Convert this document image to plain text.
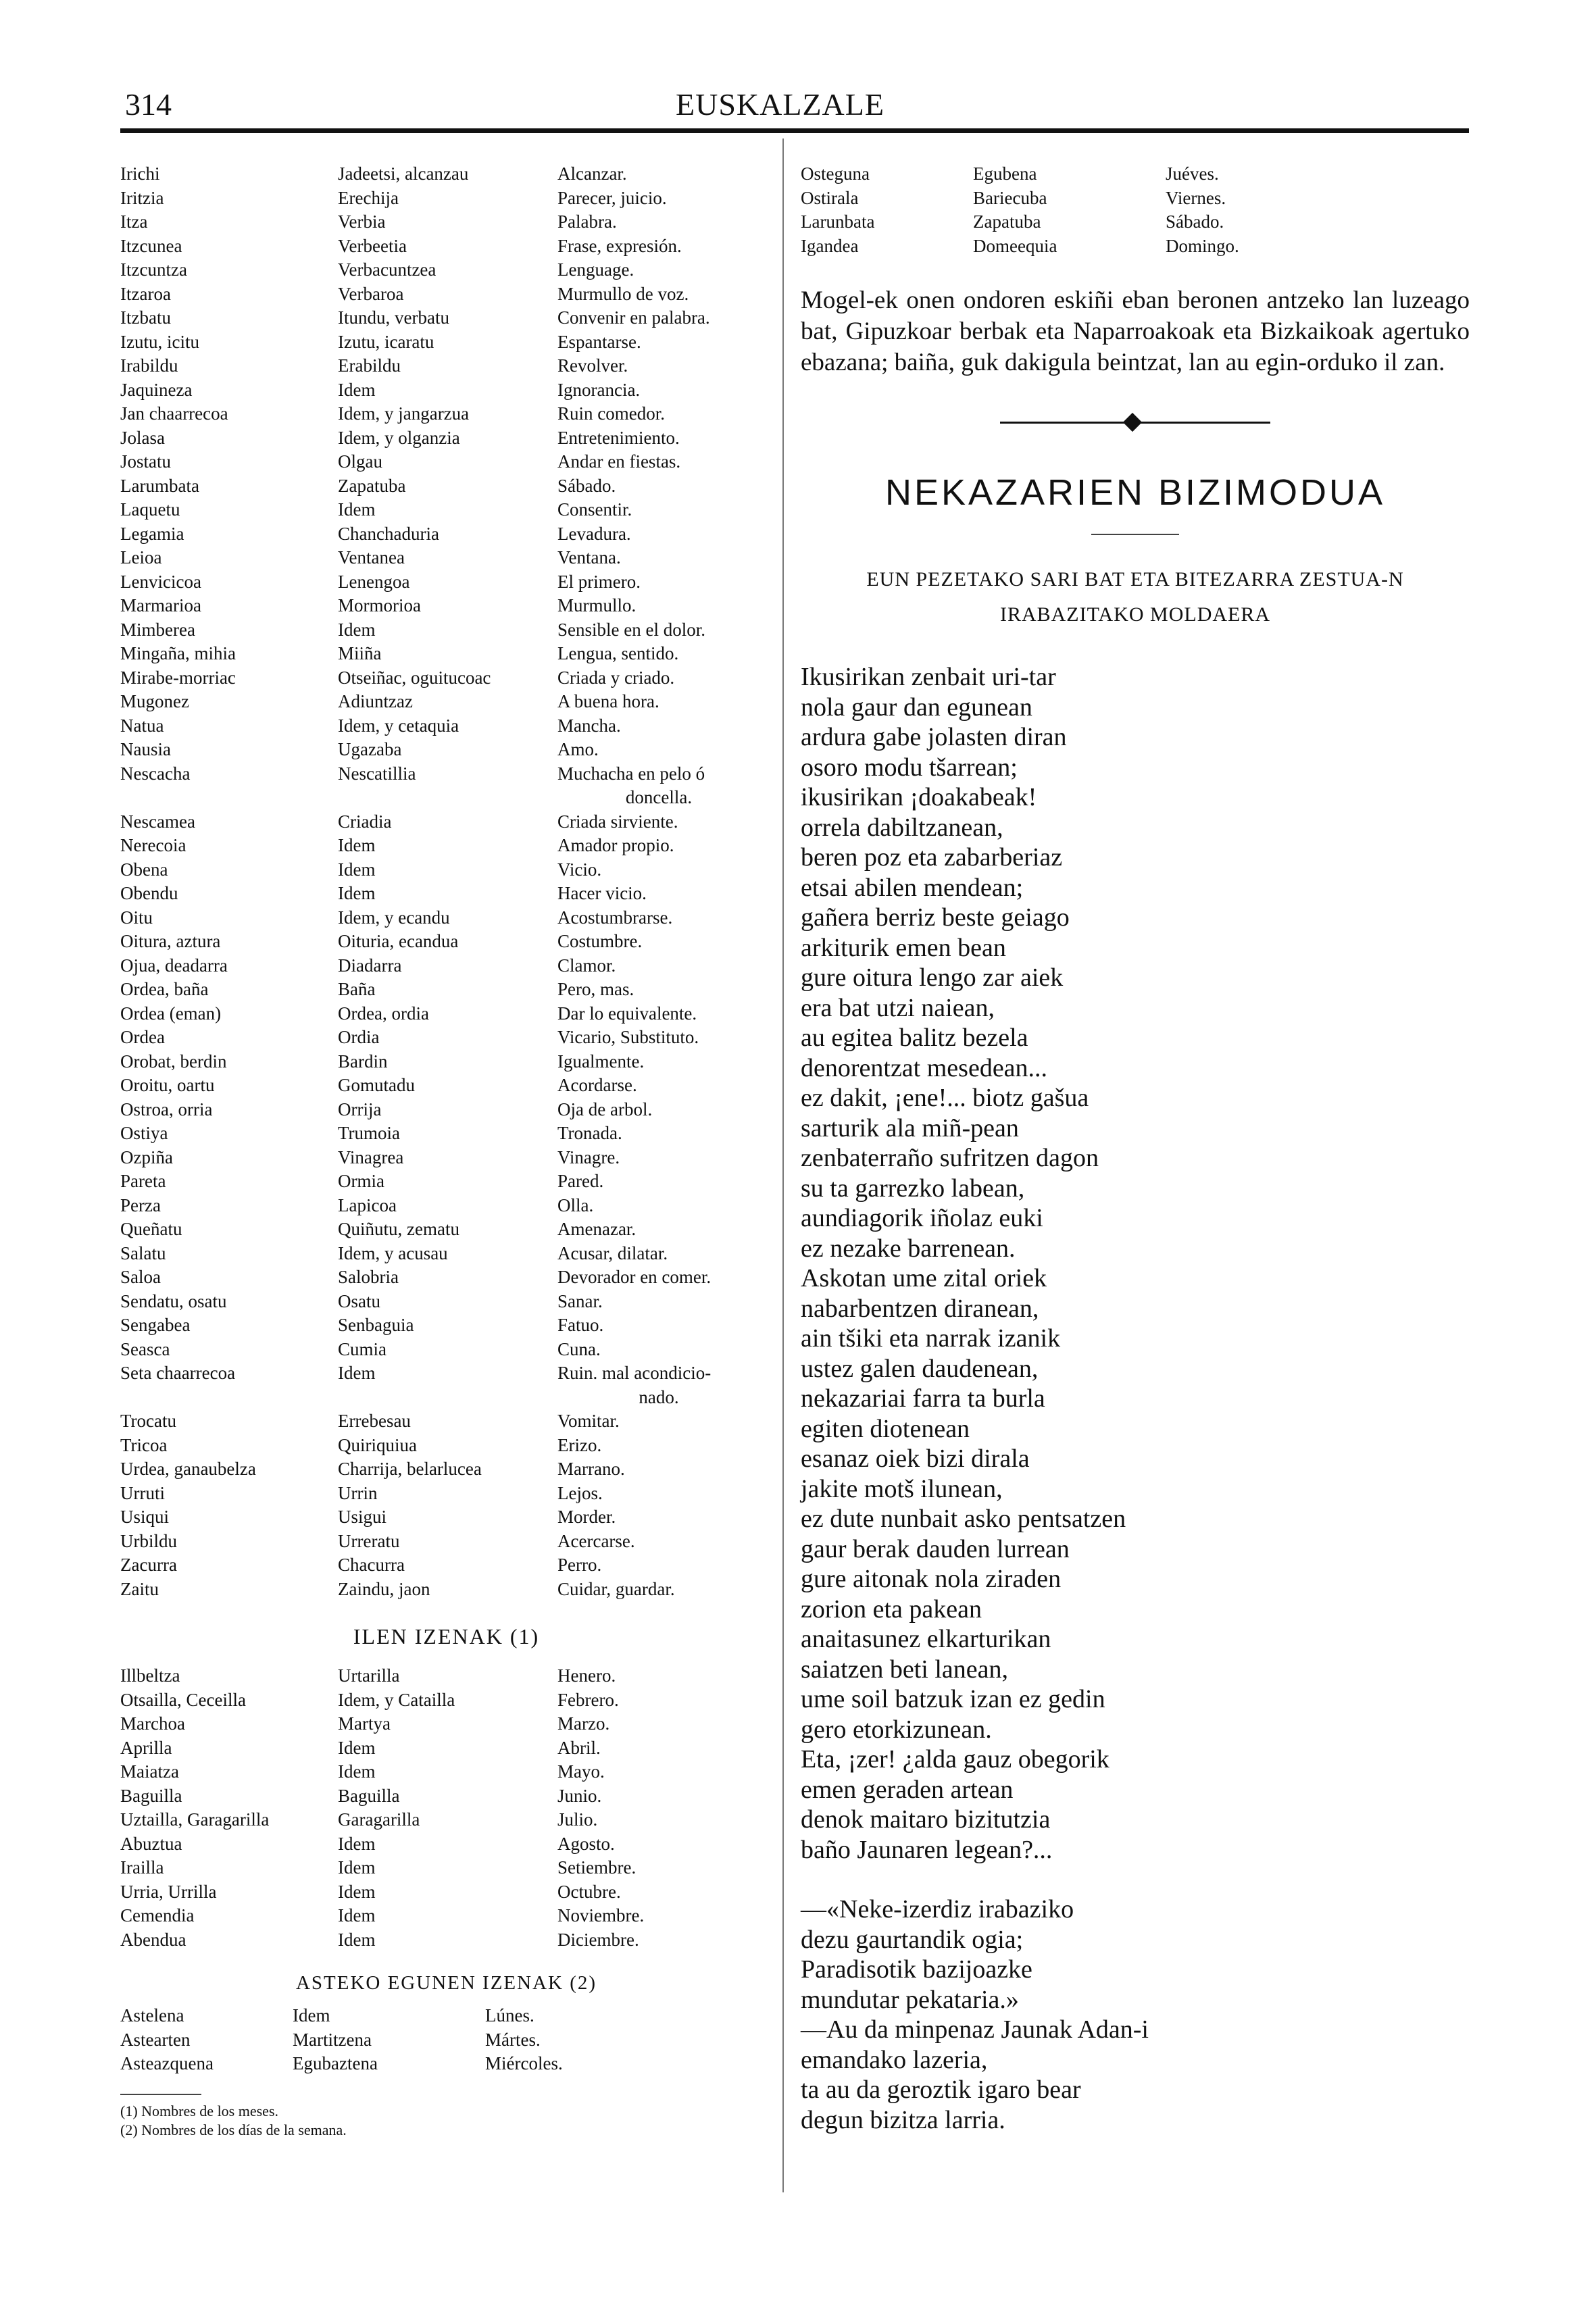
314	EUSKALZALE
Irichi	Jadeetsi, alcanzau	Alcanzar.
Iritzia	Erechija	Parecer, juicio.
Itza	Verbia	Palabra.
Itzcunea	Verbeetia	Frase, expresión.
Itzcuntza	Verbacuntzea	Lenguage.
Itzaroa	Verbaroa	Murmullo de voz.
Itzbatu	Itundu, verbatu	Convenir en palabra.
Izutu, icitu	Izutu, icaratu	Espantarse.
Irabildu	Erabildu	Revolver.
Jaquineza	Idem	Ignorancia.
Jan chaarrecoa	Idem, y jangarzua	Ruin comedor.
Jolasa	Idem, y olganzia	Entretenimiento.
Jostatu	Olgau	Andar en fiestas.
Larumbata	Zapatuba	Sábado.
Laquetu	Idem	Consentir.
Legamia	Chanchaduria	Levadura.
Leioa	Ventanea	Ventana.
Lenvicicoa	Lenengoa	El primero.
Marmarioa	Mormorioa	Murmullo.
Mimberea	Idem	Sensible en el dolor.
Mingaña, mihia	Miiña	Lengua, sentido.
Mirabe-morriac	Otseiñac, oguitucoac	Criada y criado.
Mugonez	Adiuntzaz	A buena hora.
Natua	Idem, y cetaquia	Mancha.
Nausia	Ugazaba	Amo.
Nescacha	Nescatillia	Muchacha en pelo ó
doncella.
Nescamea	Criadia	Criada sirviente.
Nerecoia	Idem	Amador propio.
Obena	Idem	Vicio.
Obendu	Idem	Hacer vicio.
Oitu	Idem, y ecandu	Acostumbrarse.
Oitura, aztura	Oituria, ecandua	Costumbre.
Ojua, deadarra	Diadarra	Clamor.
Ordea, baña	Baña	Pero, mas.
Ordea (eman)	Ordea, ordia	Dar lo equivalente.
Ordea	Ordia	Vicario, Substituto.
Orobat, berdin	Bardin	Igualmente.
Oroitu, oartu	Gomutadu	Acordarse.
Ostroa, orria	Orrija	Oja de arbol.
Ostiya	Trumoia	Tronada.
Ozpiña	Vinagrea	Vinagre.
Pareta	Ormia	Pared.
Perza	Lapicoa	Olla.
Queñatu	Quiñutu, zematu	Amenazar.
Salatu	Idem, y acusau	Acusar, dilatar.
Saloa	Salobria	Devorador en comer.
Sendatu, osatu	Osatu	Sanar.
Sengabea	Senbaguia	Fatuo.
Seasca	Cumia	Cuna.
Seta chaarrecoa	Idem	Ruin. mal acondicio-
nado.
Trocatu	Errebesau	Vomitar.
Tricoa	Quiriquiua	Erizo.
Urdea, ganaubelza	Charrija, belarlucea	Marrano.
Urruti	Urrin	Lejos.
Usiqui	Usigui	Morder.
Urbildu	Urreratu	Acercarse.
Zacurra	Chacurra	Perro.
Zaitu	Zaindu, jaon	Cuidar, guardar.
ILEN IZENAK (1)
Illbeltza	Urtarilla	Henero.
Otsailla, Ceceilla	Idem, y Catailla	Febrero.
Marchoa	Martya	Marzo.
Aprilla	Idem	Abril.
Maiatza	Idem	Mayo.
Baguilla	Baguilla	Junio.
Uztailla, Garagarilla	Garagarilla	Julio.
Abuztua	Idem	Agosto.
Irailla	Idem	Setiembre.
Urria, Urrilla	Idem	Octubre.
Cemendia	Idem	Noviembre.
Abendua	Idem	Diciembre.
ASTEKO EGUNEN IZENAK (2)
Astelena	Idem	Lúnes.
Astearten	Martitzena	Mártes.
Asteazquena	Egubaztena	Miércoles.
(1) Nombres de los meses.
(2) Nombres de los días de la semana.
Osteguna	Egubena	Juéves.
Ostirala	Bariecuba	Viernes.
Larunbata	Zapatuba	Sábado.
Igandea	Domeequia	Domingo.
Mogel-ek onen ondoren eskiñi eban beronen antzeko lan luzeago bat, Gipuzkoar berbak eta Naparroakoak eta Bizkaikoak agertuko ebazana; baiña, guk dakigula beintzat, lan au egin-orduko il zan.
NEKAZARIEN BIZIMODUA
EUN PEZETAKO SARI BAT ETA BITEZARRA ZESTUA-N
IRABAZITAKO MOLDAERA
Ikusirikan zenbait uri-tar
nola gaur dan egunean
ardura gabe jolasten diran
osoro modu tšarrean;
ikusirikan ¡doakabeak!
orrela dabiltzanean,
beren poz eta zabarberiaz
etsai abilen mendean;
gañera berriz beste geiago
arkiturik emen bean
gure oitura lengo zar aiek
era bat utzi naiean,
au egitea balitz bezela
denorentzat mesedean...
ez dakit, ¡ene!... biotz gašua
sarturik ala miñ-pean
zenbaterraño sufritzen dagon
su ta garrezko labean,
aundiagorik iñolaz euki
ez nezake barrenean.
Askotan ume zital oriek
nabarbentzen diranean,
ain tšiki eta narrak izanik
ustez galen daudenean,
nekazariai farra ta burla
egiten diotenean
esanaz oiek bizi dirala
jakite motš ilunean,
ez dute nunbait asko pentsatzen
gaur berak dauden lurrean
gure aitonak nola ziraden
zorion eta pakean
anaitasunez elkarturikan
saiatzen beti lanean,
ume soil batzuk izan ez gedin
gero etorkizunean.
Eta, ¡zer! ¿alda gauz obegorik
emen geraden artean
denok maitaro bizitutzia
baño Jaunaren legean?...
—«Neke-izerdiz irabaziko
dezu gaurtandik ogia;
Paradisotik bazijoazke
mundutar pekataria.»
—Au da minpenaz Jaunak Adan-i
emandako lazeria,
ta au da geroztik igaro bear
degun bizitza larria.
